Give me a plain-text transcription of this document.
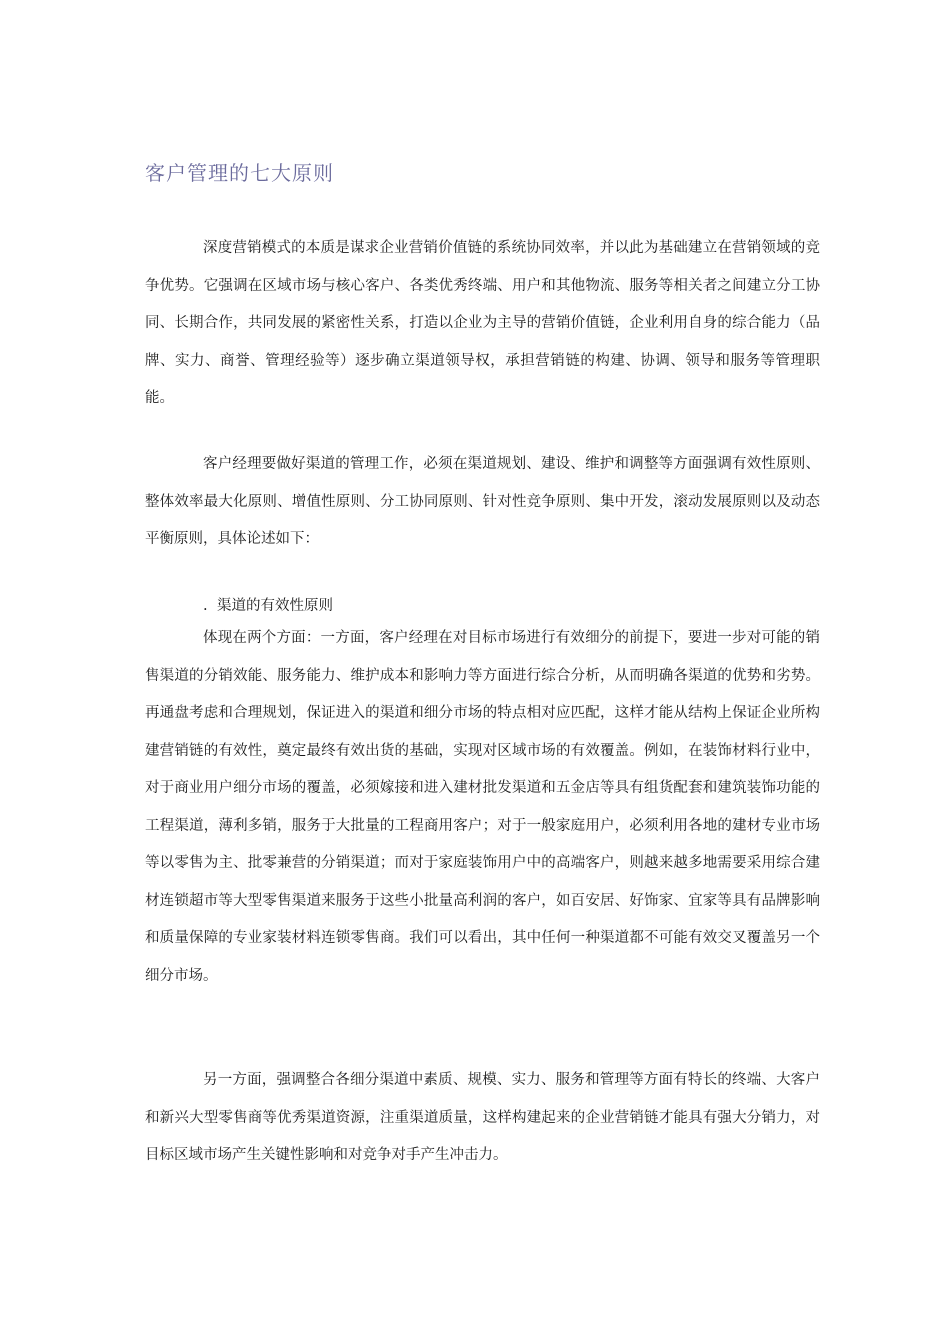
客户管理的七大原则

深度营销模式的本质是谋求企业营销价值链的系统协同效率，并以此为基础建立在营销领域的竞争优势。它强调在区域市场与核心客户、各类优秀终端、用户和其他物流、服务等相关者之间建立分工协同、长期合作，共同发展的紧密性关系，打造以企业为主导的营销价值链，企业利用自身的综合能力（品牌、实力、商誉、管理经验等）逐步确立渠道领导权，承担营销链的构建、协调、领导和服务等管理职能。

客户经理要做好渠道的管理工作，必须在渠道规划、建设、维护和调整等方面强调有效性原则、整体效率最大化原则、增值性原则、分工协同原则、针对性竞争原则、集中开发，滚动发展原则以及动态平衡原则，具体论述如下：

. 渠道的有效性原则

体现在两个方面：一方面，客户经理在对目标市场进行有效细分的前提下，要进一步对可能的销售渠道的分销效能、服务能力、维护成本和影响力等方面进行综合分析，从而明确各渠道的优势和劣势。再通盘考虑和合理规划，保证进入的渠道和细分市场的特点相对应匹配，这样才能从结构上保证企业所构建营销链的有效性，奠定最终有效出货的基础，实现对区域市场的有效覆盖。例如，在装饰材料行业中，对于商业用户细分市场的覆盖，必须嫁接和进入建材批发渠道和五金店等具有组货配套和建筑装饰功能的工程渠道，薄利多销，服务于大批量的工程商用客户；对于一般家庭用户，必须利用各地的建材专业市场等以零售为主、批零兼营的分销渠道；而对于家庭装饰用户中的高端客户，则越来越多地需要采用综合建材连锁超市等大型零售渠道来服务于这些小批量高利润的客户，如百安居、好饰家、宜家等具有品牌影响和质量保障的专业家装材料连锁零售商。我们可以看出，其中任何一种渠道都不可能有效交叉覆盖另一个细分市场。

另一方面，强调整合各细分渠道中素质、规模、实力、服务和管理等方面有特长的终端、大客户和新兴大型零售商等优秀渠道资源，注重渠道质量，这样构建起来的企业营销链才能具有强大分销力，对目标区域市场产生关键性影响和对竞争对手产生冲击力。
